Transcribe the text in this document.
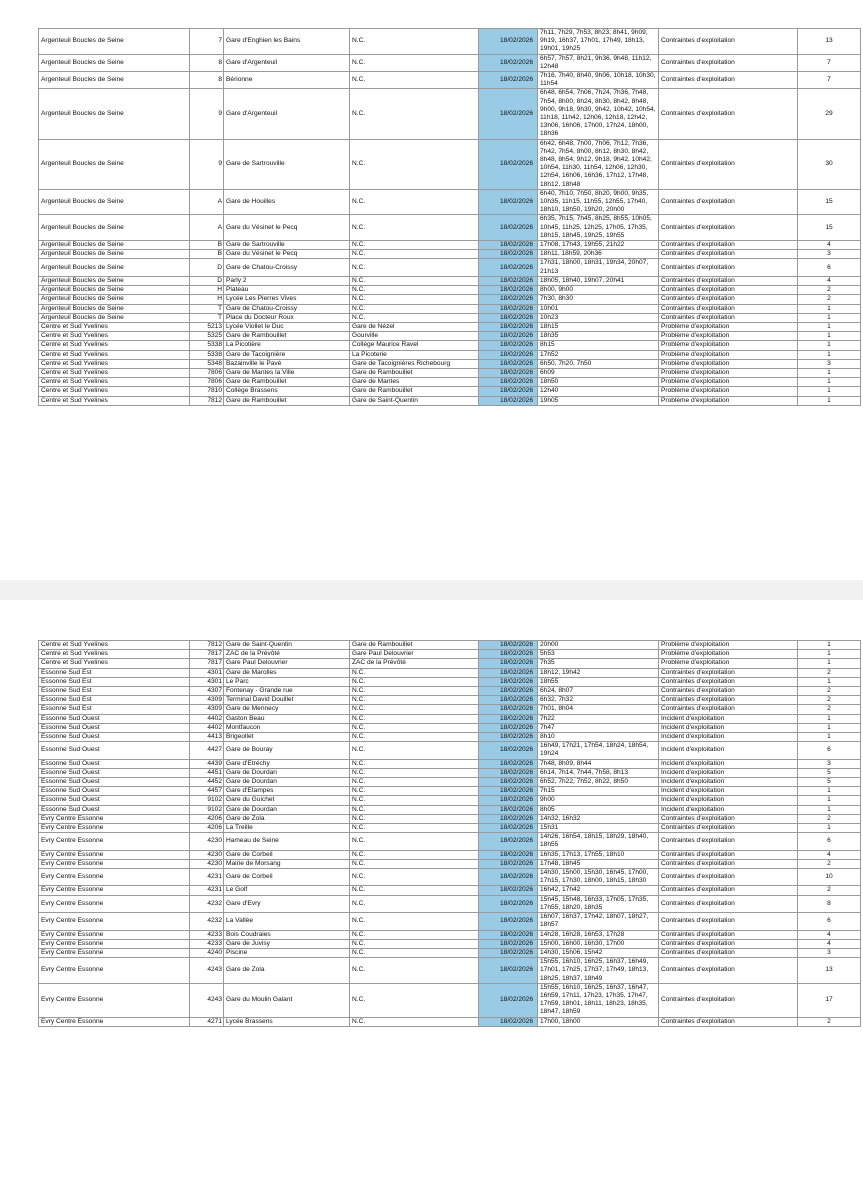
Argenteuil Boucles de Seine	7	Gare d'Enghien les Bains	N.C.	18/02/2026	7h11, 7h29, 7h53, 8h23, 8h41, 9h09, 9h19, 16h37, 17h01, 17h49, 18h13, 19h01, 19h25	Contraintes d'exploitation	13
Argenteuil Boucles de Seine	8	Gare d'Argenteuil	N.C.	18/02/2026	6h57, 7h57, 8h21, 9h36, 9h48, 11h12, 12h48	Contraintes d'exploitation	7
Argenteuil Boucles de Seine	8	Bérionne	N.C.	18/02/2026	7h16, 7h40, 8h40, 9h06, 10h18, 10h30, 11h54	Contraintes d'exploitation	7
Argenteuil Boucles de Seine	9	Gare d'Argenteuil	N.C.	18/02/2026	6h48, 6h54, 7h06, 7h24, 7h36, 7h48, 7h54, 8h00, 8h24, 8h30, 8h42, 8h48, 9h00, 9h18, 9h30, 9h42, 10h42, 10h54, 11h18, 11h42, 12h06, 12h18, 12h42, 13h06, 16h06, 17h00, 17h24, 18h00, 18h36	Contraintes d'exploitation	29
Argenteuil Boucles de Seine	9	Gare de Sartrouville	N.C.	18/02/2026	6h42, 6h48, 7h00, 7h06, 7h12, 7h36, 7h42, 7h54, 8h00, 8h12, 8h30, 8h42, 8h48, 8h54, 9h12, 9h18, 9h42, 10h42, 10h54, 11h30, 11h54, 12h06, 12h30, 12h54, 16h06, 16h36, 17h12, 17h48, 18h12, 18h48	Contraintes d'exploitation	30
Argenteuil Boucles de Seine	A	Gare de Houilles	N.C.	18/02/2026	6h40, 7h10, 7h50, 8h20, 9h00, 9h35, 10h35, 11h15, 11h55, 12h55, 17h40, 18h10, 18h50, 19h20, 20h00	Contraintes d'exploitation	15
Argenteuil Boucles de Seine	A	Gare du Vésinet le Pecq	N.C.	18/02/2026	6h35, 7h15, 7h45, 8h25, 8h55, 10h05, 10h45, 11h25, 12h25, 17h05, 17h35, 18h15, 18h45, 19h25, 19h55	Contraintes d'exploitation	15
Argenteuil Boucles de Seine	B	Gare de Sartrouville	N.C.	18/02/2026	17h08, 17h43, 19h55, 21h22	Contraintes d'exploitation	4
Argenteuil Boucles de Seine	B	Gare du Vésinet le Pecq	N.C.	18/02/2026	18h11, 18h59, 20h36	Contraintes d'exploitation	3
Argenteuil Boucles de Seine	D	Gare de Chatou-Croissy	N.C.	18/02/2026	17h31, 18h00, 18h31, 19h34, 20h07, 21h13	Contraintes d'exploitation	6
Argenteuil Boucles de Seine	D	Parly 2	N.C.	18/02/2026	18h05, 18h40, 19h07, 20h41	Contraintes d'exploitation	4
Argenteuil Boucles de Seine	H	Plateau	N.C.	18/02/2026	8h00, 9h00	Contraintes d'exploitation	2
Argenteuil Boucles de Seine	H	Lycée Les Pierres Vives	N.C.	18/02/2026	7h30, 8h30	Contraintes d'exploitation	2
Argenteuil Boucles de Seine	T	Gare de Chatou-Croissy	N.C.	18/02/2026	10h01	Contraintes d'exploitation	1
Argenteuil Boucles de Seine	T	Place du Docteur Roux	N.C.	18/02/2026	10h23	Contraintes d'exploitation	1
Centre et Sud Yvelines	5213	Lycée Viollet le Duc	Gare de Nézel	18/02/2026	18h15	Problème d'exploitation	1
Centre et Sud Yvelines	5325	Gare de Rambouillet	Gourville	18/02/2026	18h35	Problème d'exploitation	1
Centre et Sud Yvelines	5338	La Picotière	Collège Maurice Ravel	18/02/2026	8h15	Problème d'exploitation	1
Centre et Sud Yvelines	5338	Gare de Tacoignière	La Picoterie	18/02/2026	17h52	Problème d'exploitation	1
Centre et Sud Yvelines	5348	Bazainville le Pavé	Gare de Tacoignières Richebourg	18/02/2026	6h50, 7h20, 7h50	Problème d'exploitation	3
Centre et Sud Yvelines	7806	Gare de Mantes la Ville	Gare de Rambouillet	18/02/2026	6h09	Problème d'exploitation	1
Centre et Sud Yvelines	7806	Gare de Rambouillet	Gare de Mantes	18/02/2026	18h50	Problème d'exploitation	1
Centre et Sud Yvelines	7810	Collège Brassens	Gare de Rambouillet	18/02/2026	12h40	Problème d'exploitation	1
Centre et Sud Yvelines	7812	Gare de Rambouillet	Gare de Saint-Quentin	18/02/2026	19h05	Problème d'exploitation	1
Centre et Sud Yvelines	7812	Gare de Saint-Quentin	Gare de Rambouillet	18/02/2026	20h00	Problème d'exploitation	1
Centre et Sud Yvelines	7817	ZAC de la Prévôté	Gare Paul Delouvrier	18/02/2026	5h53	Problème d'exploitation	1
Centre et Sud Yvelines	7817	Gare Paul Delouvrier	ZAC de la Prévôté	18/02/2026	7h35	Problème d'exploitation	1
Essonne Sud Est	4301	Gare de Marolles	N.C.	18/02/2026	18h12, 19h42	Contraintes d'exploitation	2
Essonne Sud Est	4301	Le Parc	N.C.	18/02/2026	18h55	Contraintes d'exploitation	1
Essonne Sud Est	4307	Fontenay - Grande rue	N.C.	18/02/2026	6h24, 8h07	Contraintes d'exploitation	2
Essonne Sud Est	4309	Terminal David Douillet	N.C.	18/02/2026	6h32, 7h32	Contraintes d'exploitation	2
Essonne Sud Est	4309	Gare de Mennecy	N.C.	18/02/2026	7h01, 8h04	Contraintes d'exploitation	2
Essonne Sud Ouest	4402	Gaston Beau	N.C.	18/02/2026	7h22	Incident d'exploitation	1
Essonne Sud Ouest	4402	Montfaucon	N.C.	18/02/2026	7h47	Incident d'exploitation	1
Essonne Sud Ouest	4413	Brigeollet	N.C.	18/02/2026	8h10	Incident d'exploitation	1
Essonne Sud Ouest	4427	Gare de Bouray	N.C.	18/02/2026	16h49, 17h21, 17h54, 18h24, 18h54, 19h24	Incident d'exploitation	6
Essonne Sud Ouest	4439	Gare d'Etréchy	N.C.	18/02/2026	7h48, 8h09, 8h44	Incident d'exploitation	3
Essonne Sud Ouest	4451	Gare de Dourdan	N.C.	18/02/2026	6h14, 7h14, 7h44, 7h58, 8h13	Incident d'exploitation	5
Essonne Sud Ouest	4452	Gare de Dourdan	N.C.	18/02/2026	6h52, 7h22, 7h52, 8h22, 8h50	Incident d'exploitation	5
Essonne Sud Ouest	4457	Gare d'Etampes	N.C.	18/02/2026	7h15	Incident d'exploitation	1
Essonne Sud Ouest	9102	Gare du Guichet	N.C.	18/02/2026	9h00	Incident d'exploitation	1
Essonne Sud Ouest	9102	Gare de Dourdan	N.C.	18/02/2026	8h05	Incident d'exploitation	1
Evry Centre Essonne	4206	Gare de Zola	N.C.	18/02/2026	14h32, 16h32	Contraintes d'exploitation	2
Evry Centre Essonne	4206	La Treille	N.C.	18/02/2026	15h31	Contraintes d'exploitation	1
Evry Centre Essonne	4230	Hameau de Seine	N.C.	18/02/2026	14h26, 16h54, 18h15, 18h29, 18h40, 18h55	Contraintes d'exploitation	6
Evry Centre Essonne	4230	Gare de Corbeil	N.C.	18/02/2026	16h35, 17h13, 17h55, 18h10	Contraintes d'exploitation	4
Evry Centre Essonne	4230	Mairie de Morsang	N.C.	18/02/2026	17h48, 18h45	Contraintes d'exploitation	2
Evry Centre Essonne	4231	Gare de Corbeil	N.C.	18/02/2026	14h30, 15h00, 15h30, 16h45, 17h00, 17h15, 17h30, 18h00, 18h15, 18h30	Contraintes d'exploitation	10
Evry Centre Essonne	4231	Le Golf	N.C.	18/02/2026	16h42, 17h42	Contraintes d'exploitation	2
Evry Centre Essonne	4232	Gare d'Evry	N.C.	18/02/2026	15h45, 15h48, 16h33, 17h05, 17h35, 17h55, 18h20, 18h35	Contraintes d'exploitation	8
Evry Centre Essonne	4232	La Vallée	N.C.	18/02/2026	16h07, 16h37, 17h42, 18h07, 18h27, 18h57	Contraintes d'exploitation	6
Evry Centre Essonne	4233	Bois Coudraies	N.C.	18/02/2026	14h28, 16h28, 16h53, 17h28	Contraintes d'exploitation	4
Evry Centre Essonne	4233	Gare de Juvisy	N.C.	18/02/2026	15h00, 16h00, 16h30, 17h00	Contraintes d'exploitation	4
Evry Centre Essonne	4240	Piscine	N.C.	18/02/2026	14h30, 15h06, 15h42	Contraintes d'exploitation	3
Evry Centre Essonne	4243	Gare de Zola	N.C.	18/02/2026	15h55, 16h10, 16h25, 16h37, 16h49, 17h01, 17h25, 17h37, 17h49, 18h13, 18h25, 18h37, 18h49	Contraintes d'exploitation	13
Evry Centre Essonne	4243	Gare du Moulin Galant	N.C.	18/02/2026	15h55, 16h10, 16h25, 16h37, 16h47, 16h59, 17h11, 17h23, 17h35, 17h47, 17h59, 18h01, 18h11, 18h23, 18h35, 18h47, 18h59	Contraintes d'exploitation	17
Evry Centre Essonne	4271	Lycée Brassens	N.C.	18/02/2026	17h00, 18h00	Contraintes d'exploitation	2
